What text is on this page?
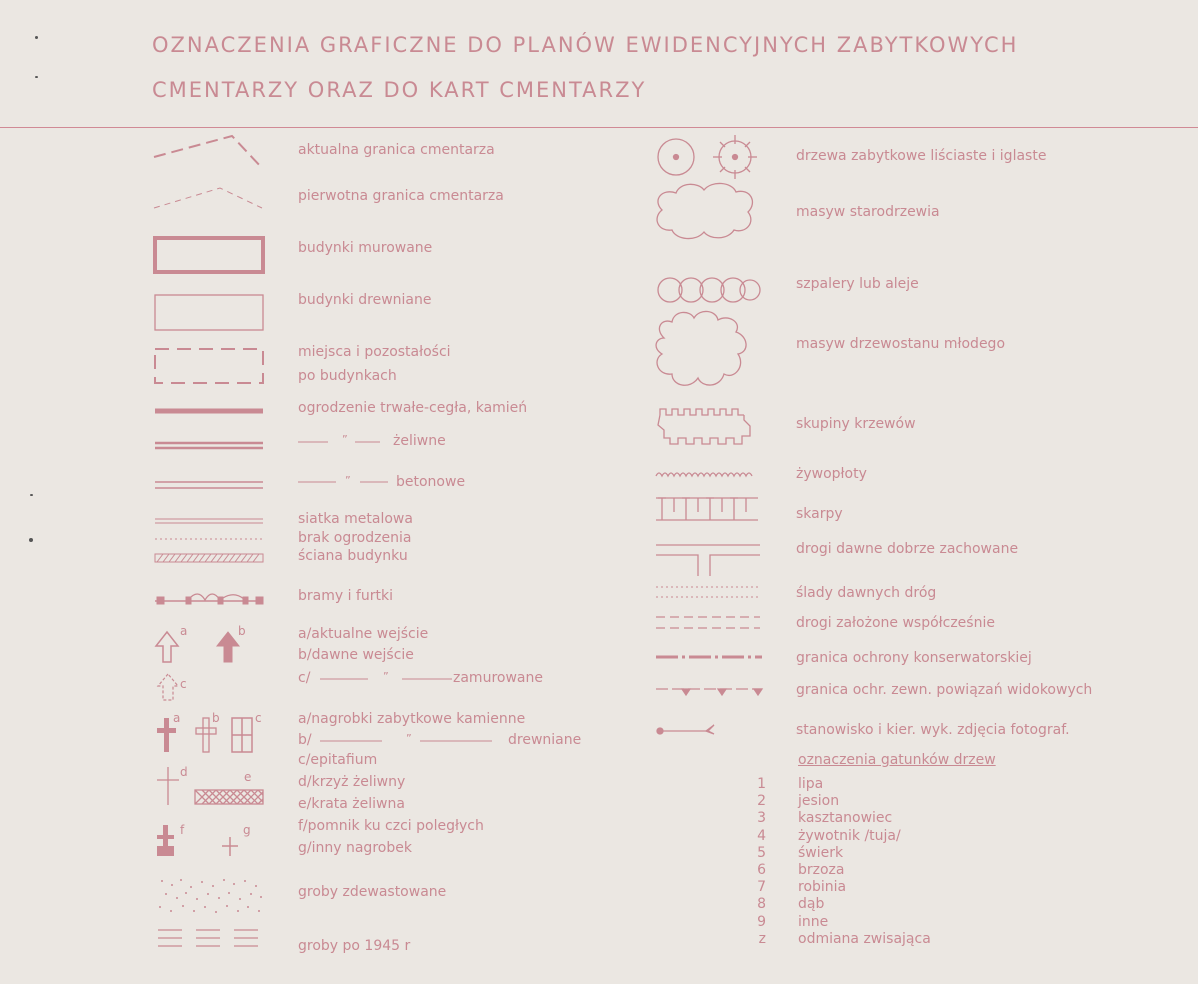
OZNACZENIA GRAFICZNE DO PLANÓW EWIDENCYJNYCH ZABYTKOWYCH
CMENTARZY ORAZ DO KART CMENTARZY
a	b
c
a	b	c
d	e
f	g
aktualna granica cmentarza
pierwotna granica cmentarza
budynki murowane
budynki drewniane
miejsca i pozostałości
po budynkach
ogrodzenie trwałe-cegła, kamień
”	żeliwne
”	betonowe
siatka metalowa
brak ogrodzenia
ściana budynku
bramy i furtki
a/aktualne wejście
b/dawne wejście
c/	”	zamurowane
a/nagrobki zabytkowe kamienne
b/	”	drewniane
c/epitafium
d/krzyż żeliwny
e/krata żeliwna
f/pomnik ku czci poległych
g/inny nagrobek
groby zdewastowane
groby po 1945 r
drzewa zabytkowe liściaste i iglaste
masyw starodrzewia
szpalery lub aleje
masyw drzewostanu młodego
skupiny krzewów
żywopłoty
skarpy
drogi dawne dobrze zachowane
ślady dawnych dróg
drogi założone współcześnie
granica ochrony konserwatorskiej
granica ochr. zewn. powiązań widokowych
stanowisko i kier. wyk. zdjęcia fotograf.
oznaczenia gatunków drzew
1 lipa
2 jesion
3 kasztanowiec
4 żywotnik /tuja/
5 świerk
6 brzoza
7 robinia
8 dąb
9 inne
z odmiana zwisająca
